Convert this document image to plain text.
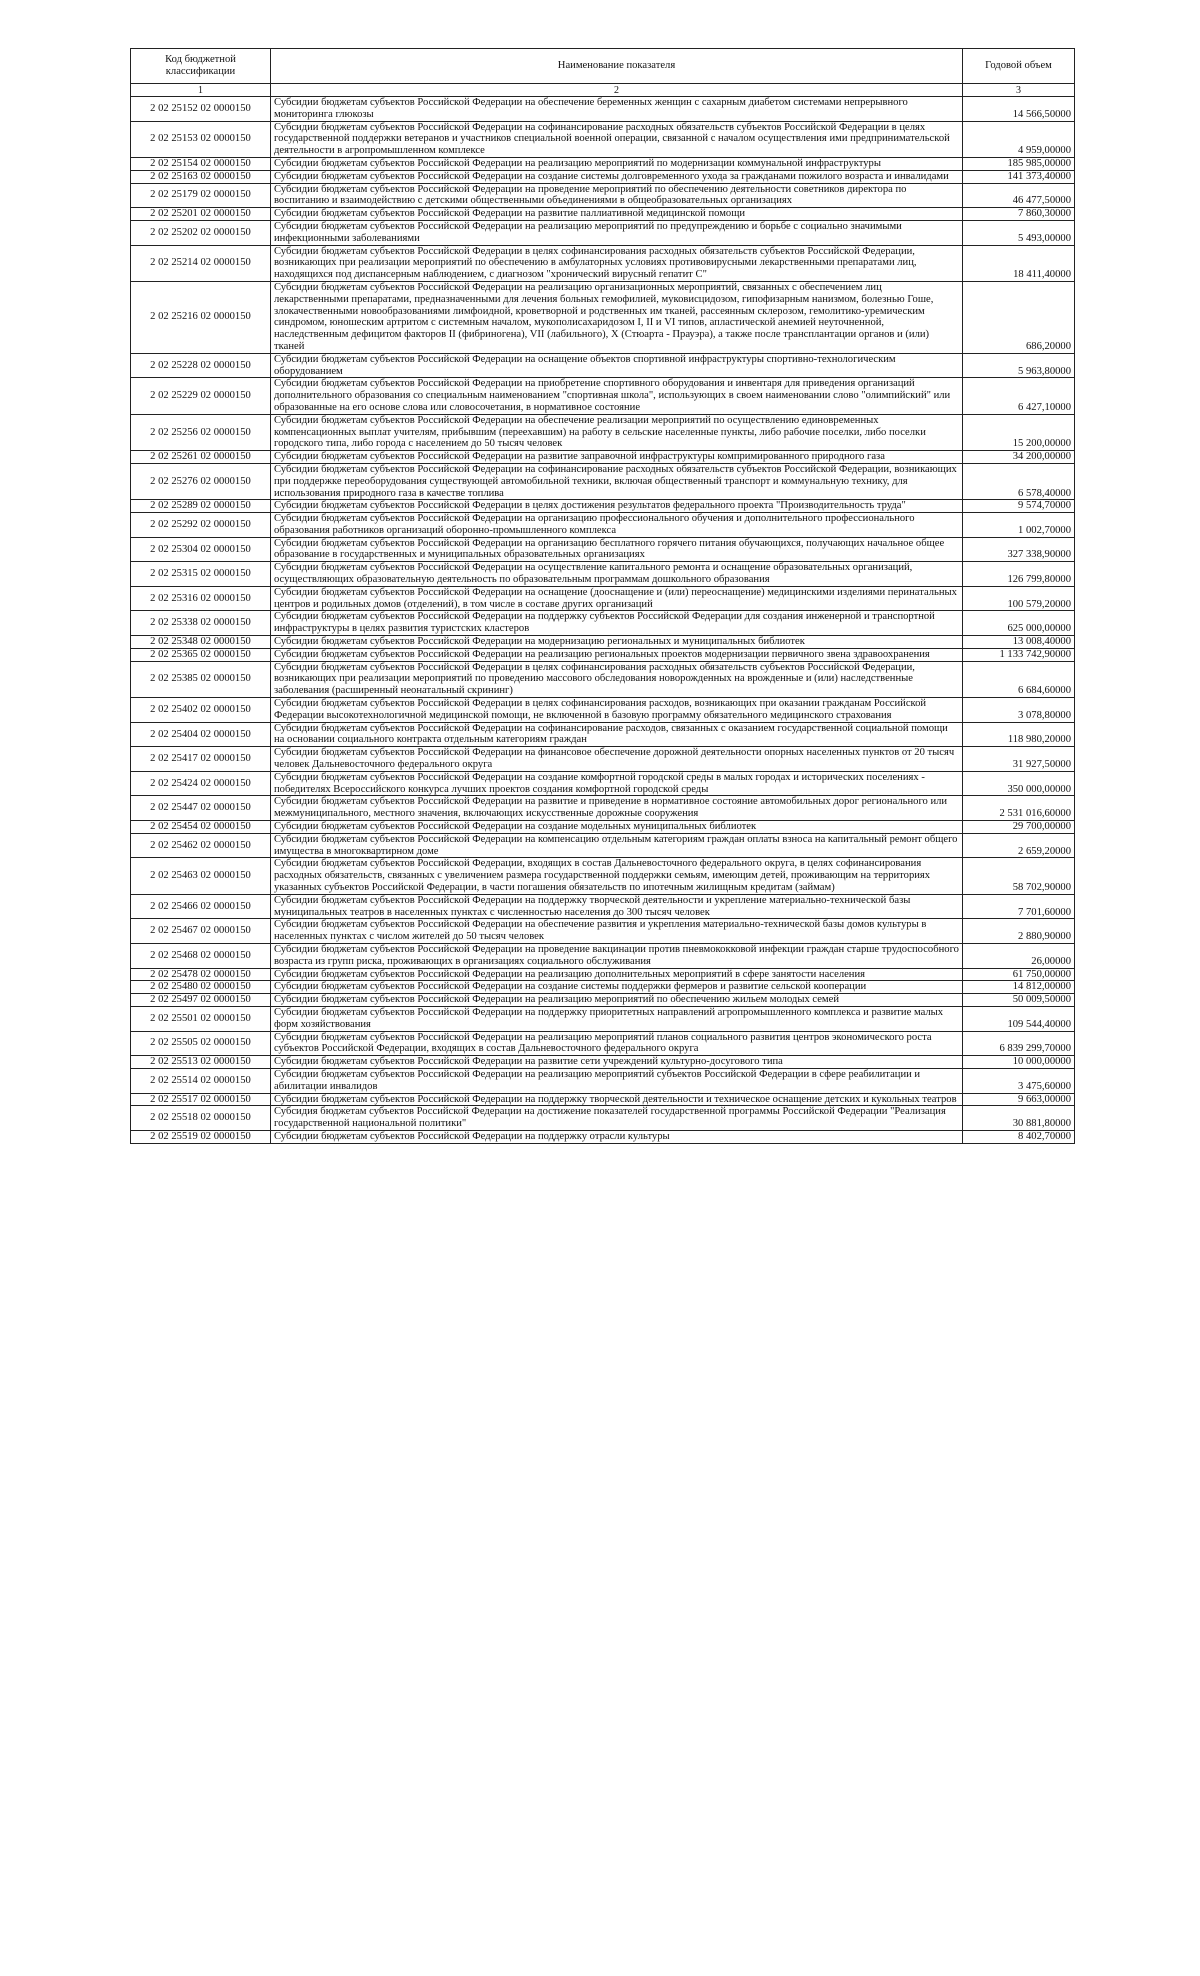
Код бюджетной классификации	Наименование показателя	Годовой объем
1	2	3
2 02 25152 02 0000150	Субсидии бюджетам субъектов Российской Федерации на обеспечение беременных женщин с сахарным диабетом системами непрерывного мониторинга глюкозы	14 566,50000
2 02 25153 02 0000150	Субсидии бюджетам субъектов Российской Федерации на софинансирование расходных обязательств субъектов Российской Федерации в целях государственной поддержки ветеранов и участников специальной военной операции, связанной с началом осуществления ими предпринимательской деятельности в агропромышленном комплексе	4 959,00000
2 02 25154 02 0000150	Субсидии бюджетам субъектов Российской Федерации на реализацию мероприятий по модернизации коммунальной инфраструктуры	185 985,00000
2 02 25163 02 0000150	Субсидии бюджетам субъектов Российской Федерации на создание системы долговременного ухода за гражданами пожилого возраста и инвалидами	141 373,40000
2 02 25179 02 0000150	Субсидии бюджетам субъектов Российской Федерации на проведение мероприятий по обеспечению деятельности советников директора по воспитанию и взаимодействию с детскими общественными объединениями в общеобразовательных организациях	46 477,50000
2 02 25201 02 0000150	Субсидии бюджетам субъектов Российской Федерации на развитие паллиативной медицинской помощи	7 860,30000
2 02 25202 02 0000150	Субсидии бюджетам субъектов Российской Федерации на реализацию мероприятий по предупреждению и борьбе с социально значимыми инфекционными заболеваниями	5 493,00000
2 02 25214 02 0000150	Субсидии бюджетам субъектов Российской Федерации в целях софинансирования расходных обязательств субъектов Российской Федерации, возникающих при реализации мероприятий по обеспечению в амбулаторных условиях противовирусными лекарственными препаратами лиц, находящихся под диспансерным наблюдением, с диагнозом "хронический вирусный гепатит С"	18 411,40000
2 02 25216 02 0000150	Субсидии бюджетам субъектов Российской Федерации на реализацию организационных мероприятий, связанных с обеспечением лиц лекарственными препаратами, предназначенными для лечения больных гемофилией, муковисцидозом, гипофизарным нанизмом, болезнью Гоше, злокачественными новообразованиями лимфоидной, кроветворной и родственных им тканей, рассеянным склерозом, гемолитико-уремическим синдромом, юношеским артритом с системным началом, мукополисахаридозом I, II и VI типов, апластической анемией неуточненной, наследственным дефицитом факторов II (фибриногена), VII (лабильного), X (Стюарта - Прауэра), а также после трансплантации органов и (или) тканей	686,20000
2 02 25228 02 0000150	Субсидии бюджетам субъектов Российской Федерации на оснащение объектов спортивной инфраструктуры спортивно-технологическим оборудованием	5 963,80000
2 02 25229 02 0000150	Субсидии бюджетам субъектов Российской Федерации на приобретение спортивного оборудования и инвентаря для приведения организаций дополнительного образования со специальным наименованием "спортивная школа", использующих в своем наименовании слово "олимпийский" или образованные на его основе слова или словосочетания, в нормативное состояние	6 427,10000
2 02 25256 02 0000150	Субсидии бюджетам субъектов Российской Федерации на обеспечение реализации мероприятий по осуществлению единовременных компенсационных выплат учителям, прибывшим (переехавшим) на работу в сельские населенные пункты, либо рабочие поселки, либо поселки городского типа, либо города с населением до 50 тысяч человек	15 200,00000
2 02 25261 02 0000150	Субсидии бюджетам субъектов Российской Федерации на развитие заправочной инфраструктуры компримированного природного газа	34 200,00000
2 02 25276 02 0000150	Субсидии бюджетам субъектов Российской Федерации на софинансирование расходных обязательств субъектов Российской Федерации, возникающих при поддержке переоборудования существующей автомобильной техники, включая общественный транспорт и коммунальную технику, для использования природного газа в качестве топлива	6 578,40000
2 02 25289 02 0000150	Субсидии бюджетам субъектов Российской Федерации в целях достижения результатов федерального проекта "Производительность труда"	9 574,70000
2 02 25292 02 0000150	Субсидии бюджетам субъектов Российской Федерации на организацию профессионального обучения и дополнительного профессионального образования работников организаций оборонно-промышленного комплекса	1 002,70000
2 02 25304 02 0000150	Субсидии бюджетам субъектов Российской Федерации на организацию бесплатного горячего питания обучающихся, получающих начальное общее образование в государственных и муниципальных образовательных организациях	327 338,90000
2 02 25315 02 0000150	Субсидии бюджетам субъектов Российской Федерации на осуществление капитального ремонта и оснащение образовательных организаций, осуществляющих образовательную деятельность по образовательным программам дошкольного образования	126 799,80000
2 02 25316 02 0000150	Субсидии бюджетам субъектов Российской Федерации на оснащение (дооснащение и (или) переоснащение) медицинскими изделиями перинатальных центров и родильных домов (отделений), в том числе в составе других организаций	100 579,20000
2 02 25338 02 0000150	Субсидии бюджетам субъектов Российской Федерации на поддержку субъектов Российской Федерации для создания инженерной и транспортной инфраструктуры в целях развития туристских кластеров	625 000,00000
2 02 25348 02 0000150	Субсидии бюджетам субъектов Российской Федерации на модернизацию региональных и муниципальных библиотек	13 008,40000
2 02 25365 02 0000150	Субсидии бюджетам субъектов Российской Федерации на реализацию региональных проектов модернизации первичного звена здравоохранения	1 133 742,90000
2 02 25385 02 0000150	Субсидии бюджетам субъектов Российской Федерации в целях софинансирования расходных обязательств субъектов Российской Федерации, возникающих при реализации мероприятий по проведению массового обследования новорожденных на врожденные и (или) наследственные заболевания (расширенный неонатальный скрининг)	6 684,60000
2 02 25402 02 0000150	Субсидии бюджетам субъектов Российской Федерации в целях софинансирования расходов, возникающих при оказании гражданам Российской Федерации высокотехнологичной медицинской помощи, не включенной в базовую программу обязательного медицинского страхования	3 078,80000
2 02 25404 02 0000150	Субсидии бюджетам субъектов Российской Федерации на софинансирование расходов, связанных с оказанием государственной социальной помощи на основании социального контракта отдельным категориям граждан	118 980,20000
2 02 25417 02 0000150	Субсидии бюджетам субъектов Российской Федерации на финансовое обеспечение дорожной деятельности опорных населенных пунктов от 20 тысяч человек Дальневосточного федерального округа	31 927,50000
2 02 25424 02 0000150	Субсидии бюджетам субъектов Российской Федерации на создание комфортной городской среды в малых городах и исторических поселениях - победителях Всероссийского конкурса лучших проектов создания комфортной городской среды	350 000,00000
2 02 25447 02 0000150	Субсидии бюджетам субъектов Российской Федерации на развитие и приведение в нормативное состояние автомобильных дорог регионального или межмуниципального, местного значения, включающих искусственные дорожные сооружения	2 531 016,60000
2 02 25454 02 0000150	Субсидии бюджетам субъектов Российской Федерации на создание модельных муниципальных библиотек	29 700,00000
2 02 25462 02 0000150	Субсидии бюджетам субъектов Российской Федерации на компенсацию отдельным категориям граждан оплаты взноса на капитальный ремонт общего имущества в многоквартирном доме	2 659,20000
2 02 25463 02 0000150	Субсидии бюджетам субъектов Российской Федерации, входящих в состав Дальневосточного федерального округа, в целях софинансирования расходных обязательств, связанных с увеличением размера государственной поддержки семьям, имеющим детей, проживающим на территориях указанных субъектов Российской Федерации, в части погашения обязательств по ипотечным жилищным кредитам (займам)	58 702,90000
2 02 25466 02 0000150	Субсидии бюджетам субъектов Российской Федерации на поддержку творческой деятельности и укрепление материально-технической базы муниципальных театров в населенных пунктах с численностью населения до 300 тысяч человек	7 701,60000
2 02 25467 02 0000150	Субсидии бюджетам субъектов Российской Федерации на обеспечение развития и укрепления материально-технической базы домов культуры в населенных пунктах с числом жителей до 50 тысяч человек	2 880,90000
2 02 25468 02 0000150	Субсидии бюджетам субъектов Российской Федерации на проведение вакцинации против пневмококковой инфекции граждан старше трудоспособного возраста из групп риска, проживающих в организациях социального обслуживания	26,00000
2 02 25478 02 0000150	Субсидии бюджетам субъектов Российской Федерации на реализацию дополнительных мероприятий в сфере занятости населения	61 750,00000
2 02 25480 02 0000150	Субсидии бюджетам субъектов Российской Федерации на создание системы поддержки фермеров и развитие сельской кооперации	14 812,00000
2 02 25497 02 0000150	Субсидии бюджетам субъектов Российской Федерации на реализацию мероприятий по обеспечению жильем молодых семей	50 009,50000
2 02 25501 02 0000150	Субсидии бюджетам субъектов Российской Федерации на поддержку приоритетных направлений агропромышленного комплекса и развитие малых форм хозяйствования	109 544,40000
2 02 25505 02 0000150	Субсидии бюджетам субъектов Российской Федерации на реализацию мероприятий планов социального развития центров экономического роста субъектов Российской Федерации, входящих в состав Дальневосточного федерального округа	6 839 299,70000
2 02 25513 02 0000150	Субсидии бюджетам субъектов Российской Федерации на развитие сети учреждений культурно-досугового типа	10 000,00000
2 02 25514 02 0000150	Субсидии бюджетам субъектов Российской Федерации на реализацию мероприятий субъектов Российской Федерации в сфере реабилитации и абилитации инвалидов	3 475,60000
2 02 25517 02 0000150	Субсидии бюджетам субъектов Российской Федерации на поддержку творческой деятельности и техническое оснащение детских и кукольных театров	9 663,00000
2 02 25518 02 0000150	Субсидия бюджетам субъектов Российской Федерации на достижение показателей государственной программы Российской Федерации "Реализация государственной национальной политики"	30 881,80000
2 02 25519 02 0000150	Субсидии бюджетам субъектов Российской Федерации на поддержку отрасли культуры	8 402,70000
